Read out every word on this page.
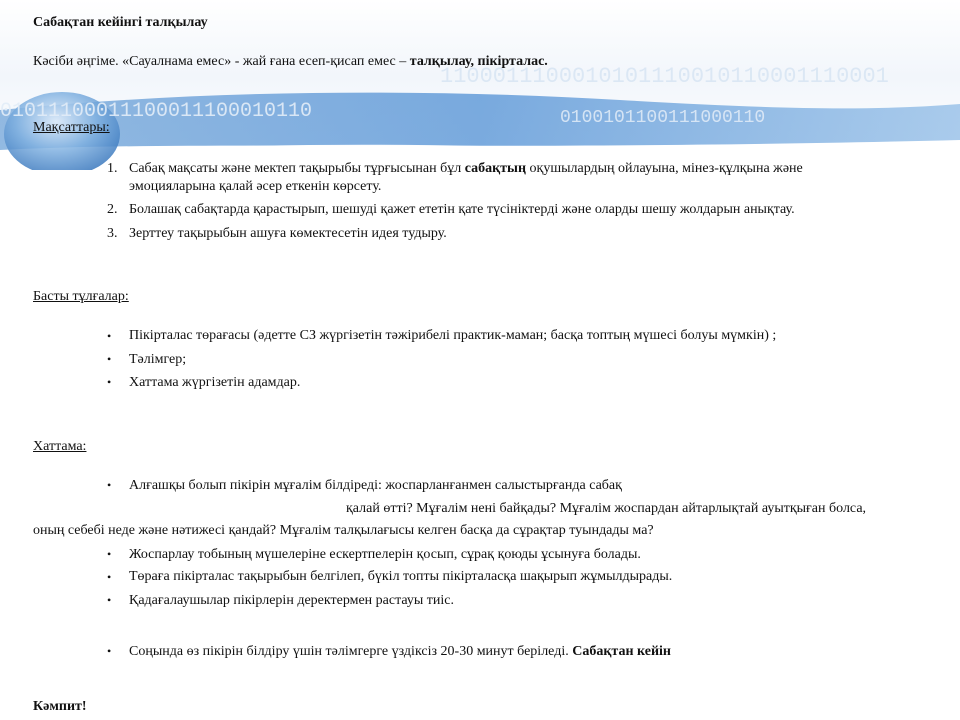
1100011100010101110010110001110001
01011100011100011100010110	0100101100111000110
Сабақтан кейінгі талқылау
Кәсіби әңгіме. «Сауалнама емес» - жай ғана есеп-қисап емес – талқылау, пікірталас.
Мақсаттары:
1. Сабақ мақсаты және мектеп тақырыбы тұрғысынан бұл сабақтың оқушылардың ойлауына, мінез-құлқына және
эмоцияларына қалай әсер еткенін көрсету.
2. Болашақ сабақтарда қарастырып, шешуді қажет ететін қате түсініктерді және оларды шешу жолдарын анықтау.
3. Зерттеу тақырыбын ашуға көмектесетін идея тудыру.
Басты тұлғалар:
• Пікірталас төрағасы (әдетте СЗ жүргізетін тәжірибелі практик-маман; басқа топтың мүшесі болуы мүмкін) ;
• Тәлімгер;
• Хаттама жүргізетін адамдар.
Хаттама:
• Алғашқы болып пікірін мұғалім білдіреді: жоспарланғанмен салыстырғанда сабақ
қалай өтті? Мұғалім нені байқады? Мұғалім жоспардан айтарлықтай ауытқыған болса,
оның себебі неде және нәтижесі қандай? Мұғалім талқылағысы келген басқа да сұрақтар туындады ма?
• Жоспарлау тобының мүшелеріне ескертпелерін қосып, сұрақ қоюды ұсынуға болады.
• Төраға пікірталас тақырыбын белгілеп, бүкіл топты пікірталасқа шақырып жұмылдырады.
• Қадағалаушылар пікірлерін деректермен растауы тиіс.
• Соңында өз пікірін білдіру үшін тәлімгерге үздіксіз 20-30 минут беріледі. Сабақтан кейін
Кәмпит!
